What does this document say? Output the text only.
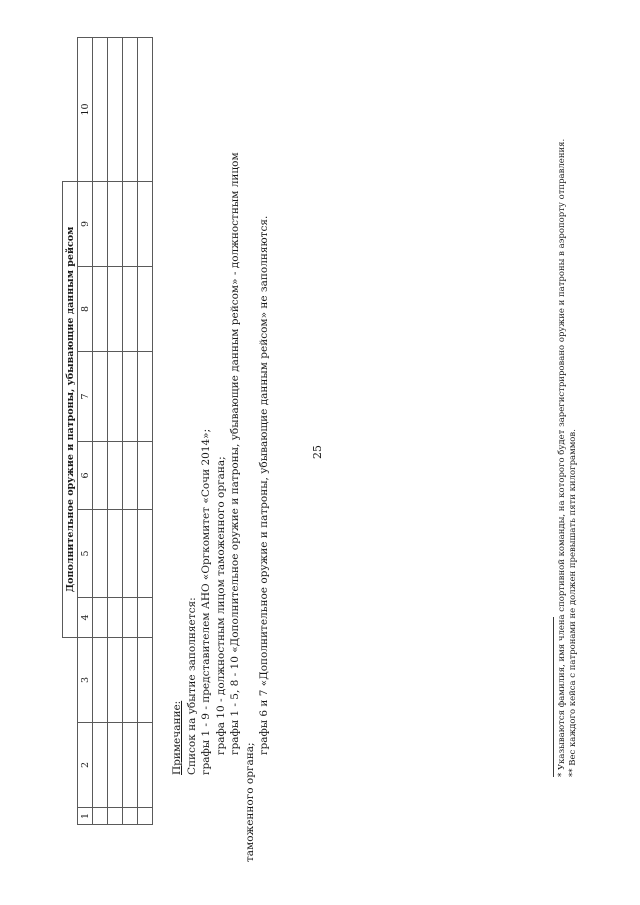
25
			Дополнительное оружие и патроны, убывающие данным рейсом						
1	2	3	4	5	6	7	8	9	10

Примечание: Список на убытие заполняется: графы 1 - 9 - представителем АНО «Оргкомитет «Сочи 2014»; графа 10 - должностным лицом таможенного органа; графы 1 - 5, 8 - 10 «Дополнительное оружие и патроны, убывающие данным рейсом» - должностным лицом
таможенного органа;
графы 6 и 7 «Дополнительное оружие и патроны, убывающие данным рейсом» не заполняются.	* Указываются фамилия, имя члена спортивной команды, на которого будет зарегистрировано оружие и патроны в аэропорту отправления. ** Вес каждого кейса с патронами не должен превышать пяти килограммов.
